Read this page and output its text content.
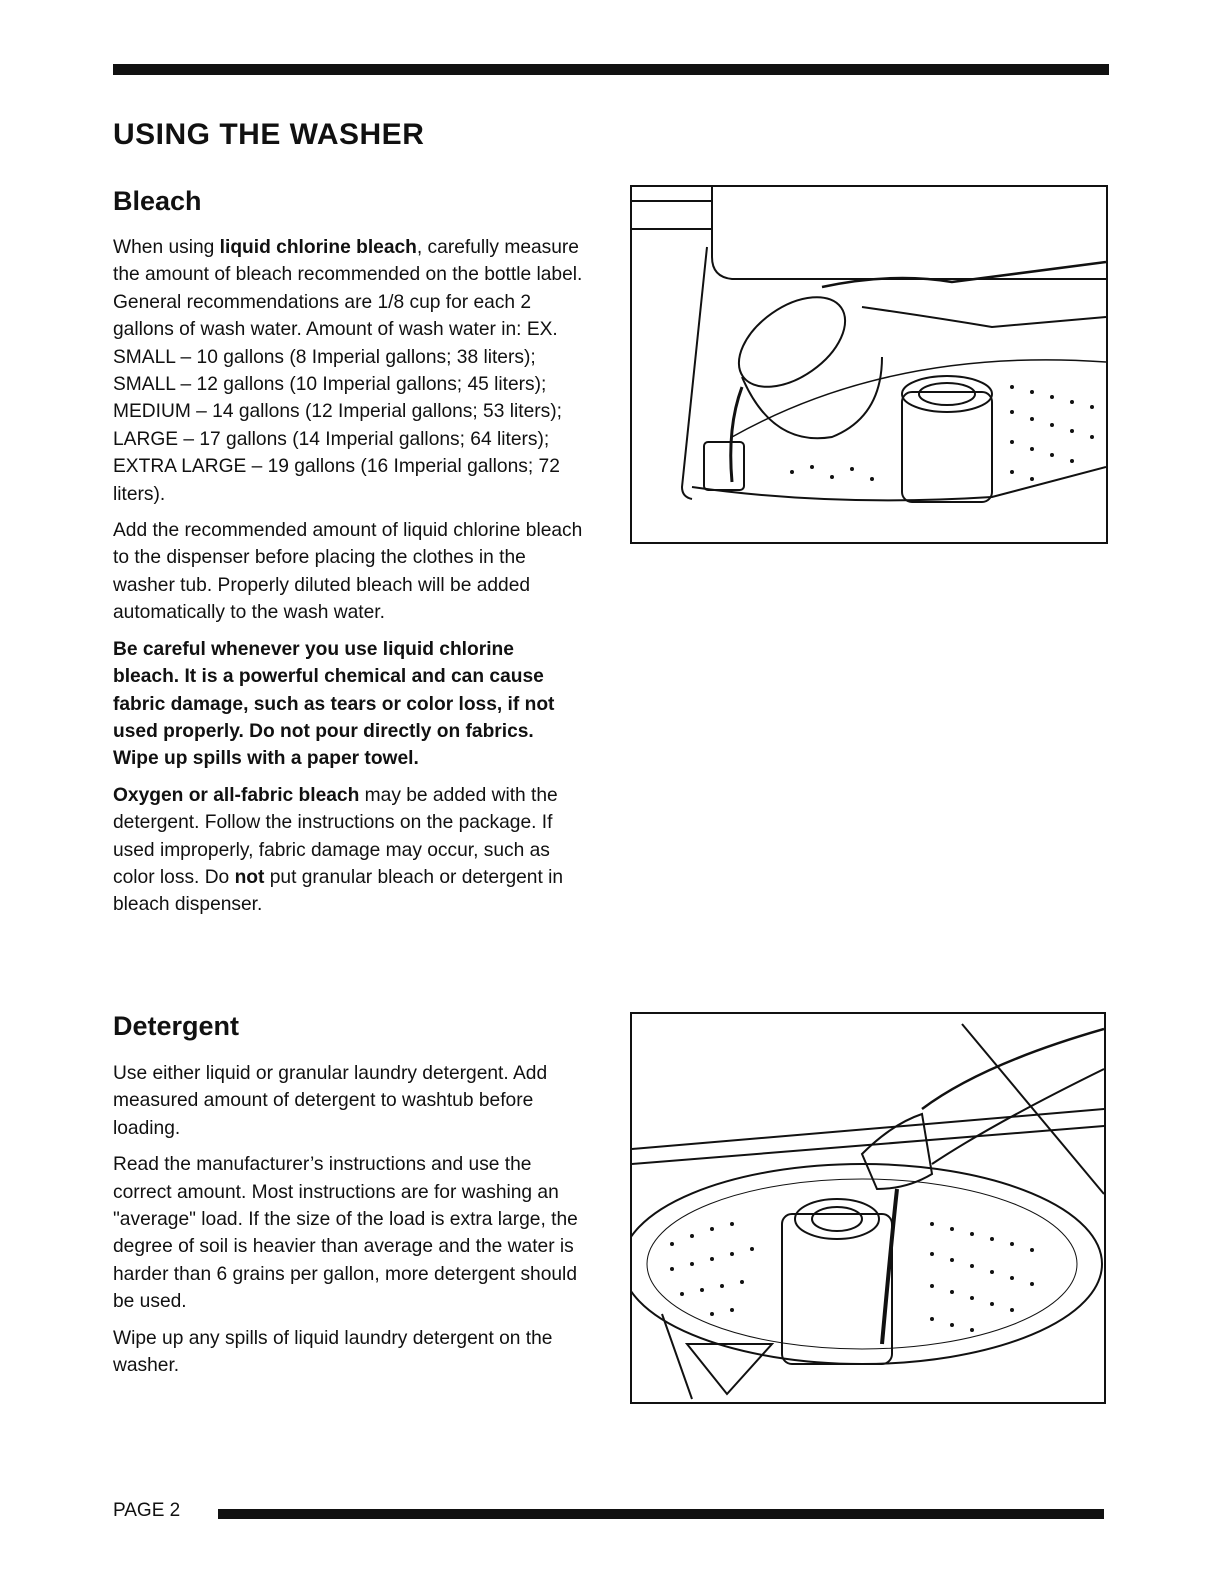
USING THE WASHER
Bleach

When using liquid chlorine bleach, carefully measure the amount of bleach recommended on the bottle label. General recommendations are 1/8 cup for each 2 gallons of wash water. Amount of wash water in: EX. SMALL – 10 gallons (8 Imperial gallons; 38 liters); SMALL – 12 gallons (10 Imperial gallons; 45 liters); MEDIUM – 14 gallons (12 Imperial gallons; 53 liters); LARGE – 17 gallons (14 Imperial gallons; 64 liters); EXTRA LARGE – 19 gallons (16 Imperial gallons; 72 liters).

Add the recommended amount of liquid chlorine bleach to the dispenser before placing the clothes in the washer tub. Properly diluted bleach will be added automatically to the wash water.

Be careful whenever you use liquid chlorine bleach. It is a powerful chemical and can cause fabric damage, such as tears or color loss, if not used properly. Do not pour directly on fabrics. Wipe up spills with a paper towel.

Oxygen or all-fabric bleach may be added with the detergent. Follow the instructions on the package. If used improperly, fabric damage may occur, such as color loss. Do not put granular bleach or detergent in bleach dispenser.

Detergent

Use either liquid or granular laundry detergent. Add measured amount of detergent to washtub before loading.

Read the manufacturer’s instructions and use the correct amount. Most instructions are for washing an "average" load. If the size of the load is extra large, the degree of soil is heavier than average and the water is harder than 6 grains per gallon, more detergent should be used.

Wipe up any spills of liquid laundry detergent on the washer.

PAGE 2
